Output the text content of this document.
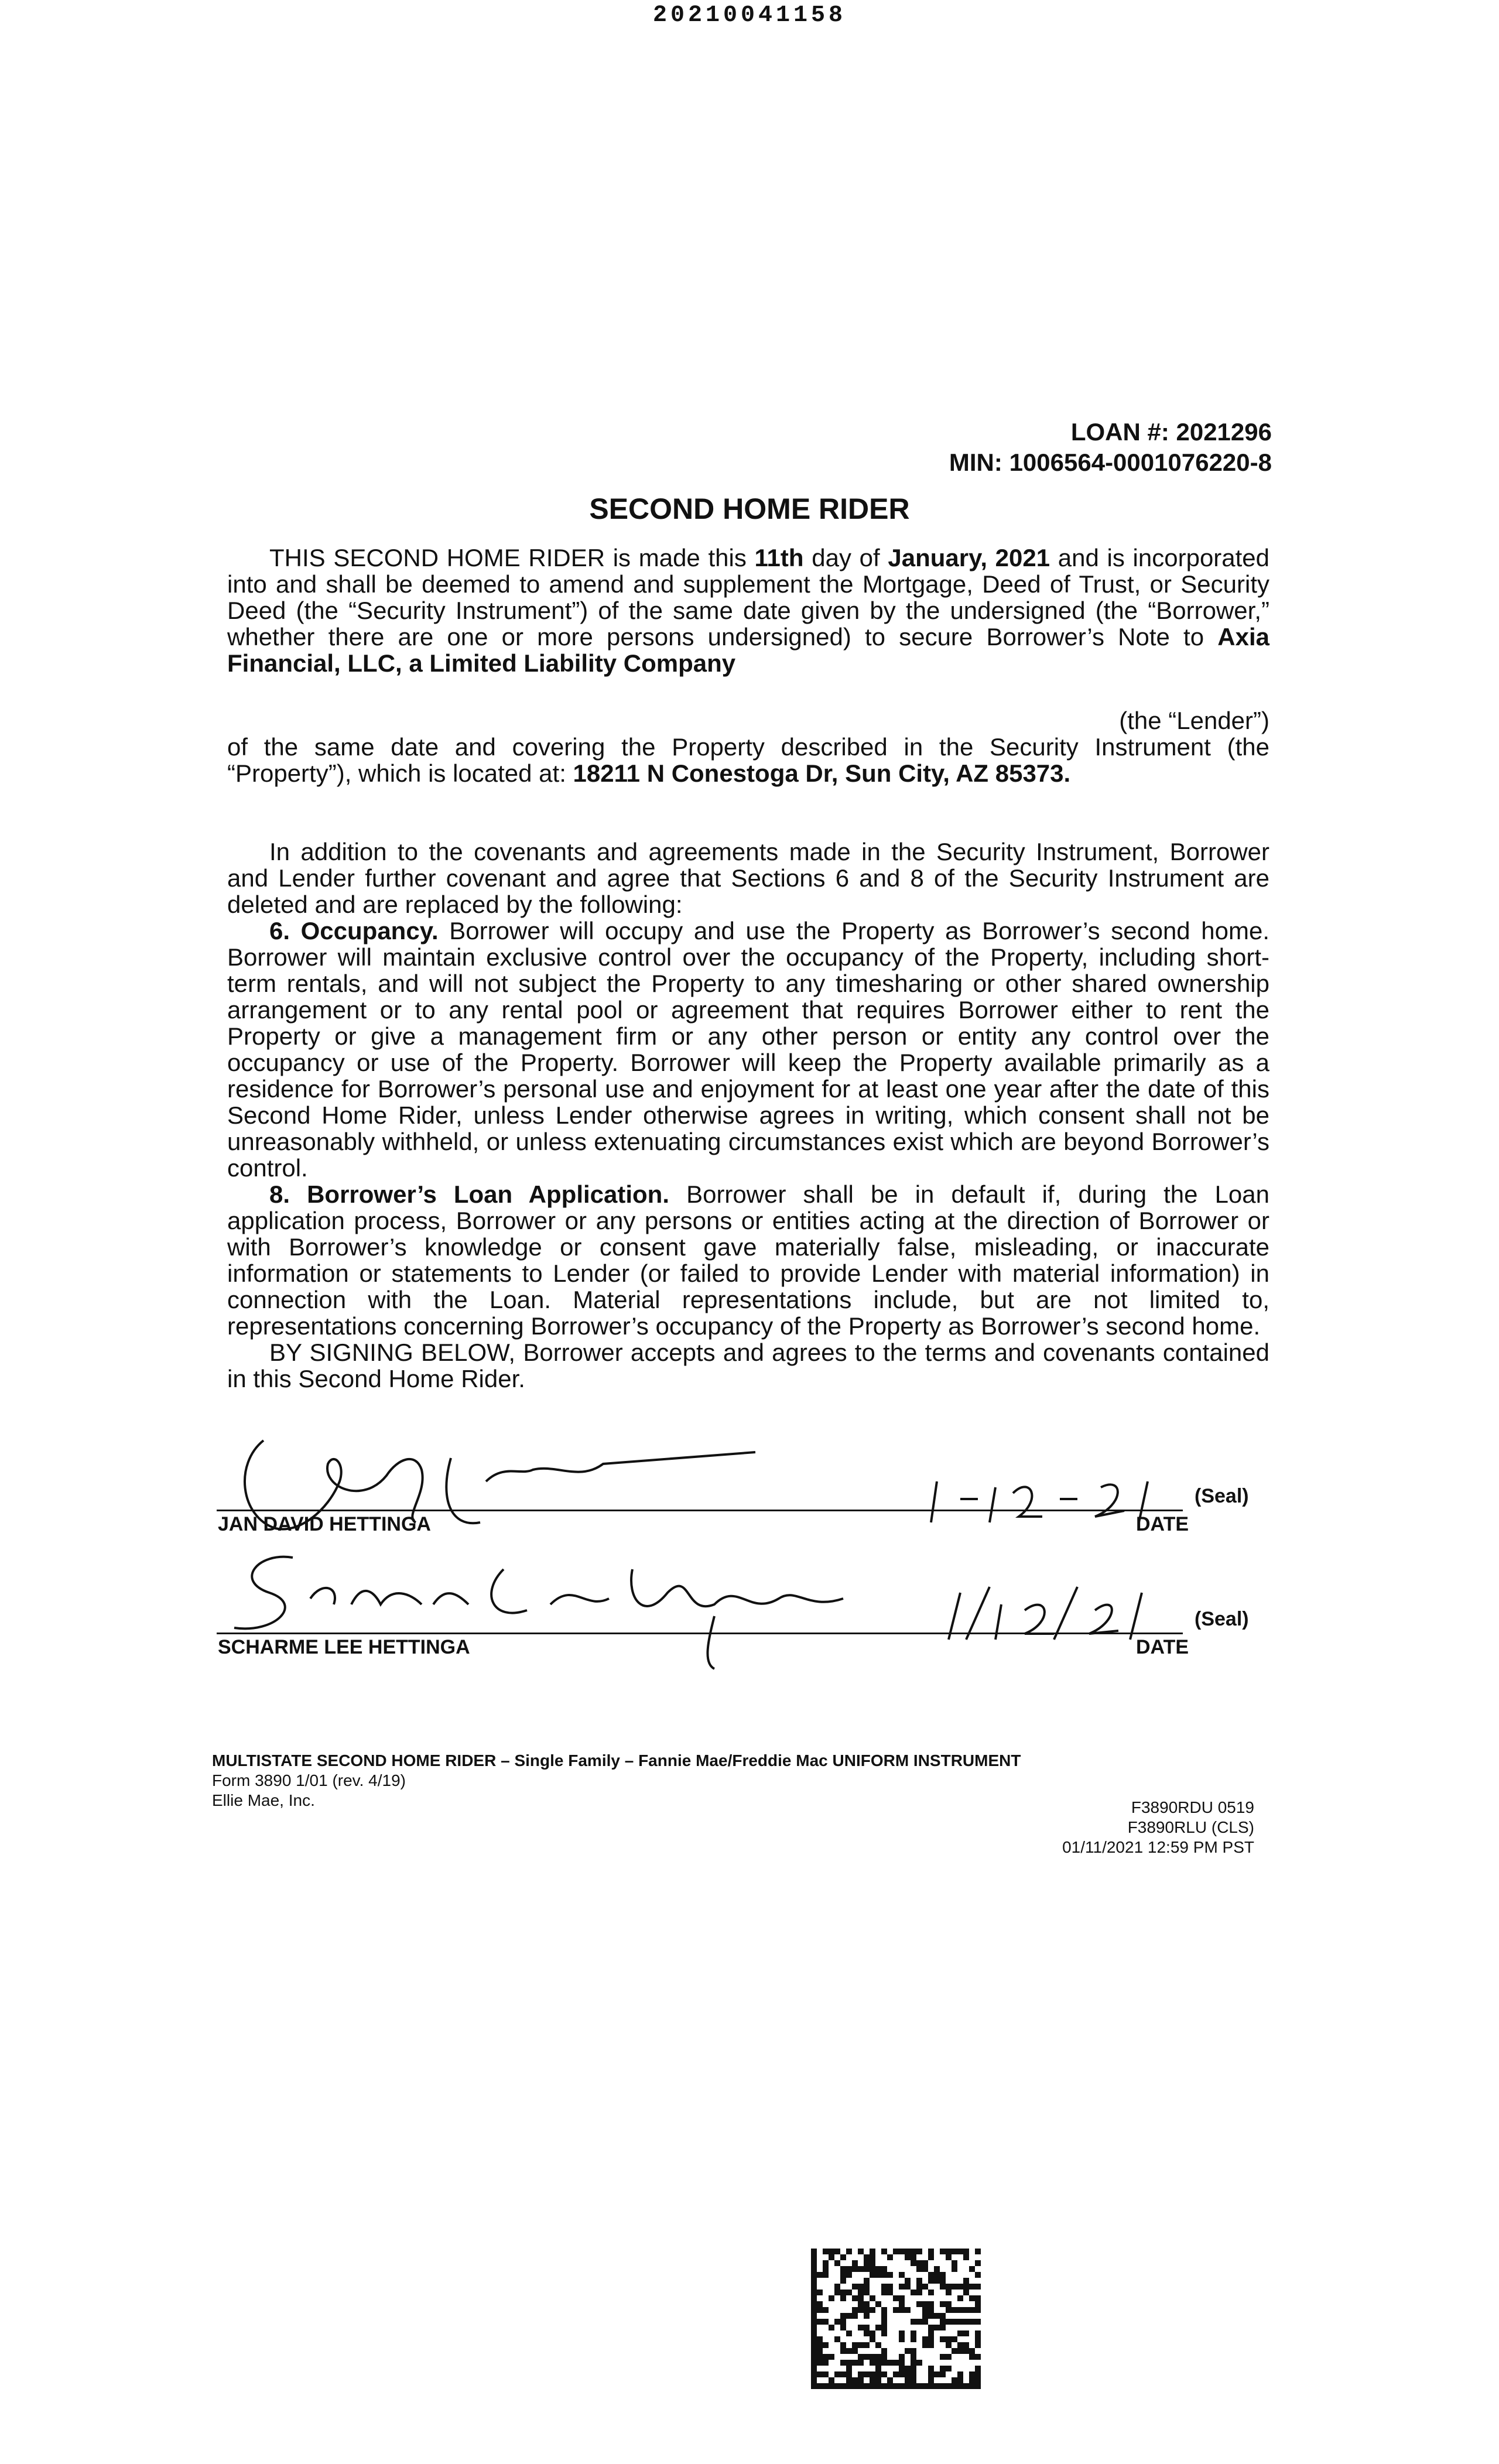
20210041158
LOAN #: 2021296
MIN: 1006564-0001076220-8
SECOND HOME RIDER

THIS SECOND HOME RIDER is made this 11th day of January, 2021 and is incorporated into and shall be deemed to amend and supplement the Mortgage, Deed of Trust, or Security Deed (the “Security Instrument”) of the same date given by the undersigned (the “Borrower,” whether there are one or more persons undersigned) to secure Borrower’s Note to Axia Financial, LLC, a Limited Liability Company

(the “Lender”)

of the same date and covering the Property described in the Security Instrument (the “Property”), which is located at: 18211 N Conestoga Dr, Sun City, AZ 85373.

In addition to the covenants and agreements made in the Security Instrument, Borrower and Lender further covenant and agree that Sections 6 and 8 of the Security Instrument are deleted and are replaced by the following:

6. Occupancy. Borrower will occupy and use the Property as Borrower’s second home. Borrower will maintain exclusive control over the occupancy of the Property, including short-term rentals, and will not subject the Property to any timesharing or other shared ownership arrangement or to any rental pool or agreement that requires Borrower either to rent the Property or give a management firm or any other person or entity any control over the occupancy or use of the Property. Borrower will keep the Property available primarily as a residence for Borrower’s personal use and enjoyment for at least one year after the date of this Second Home Rider, unless Lender otherwise agrees in writing, which consent shall not be unreasonably withheld, or unless extenuating circumstances exist which are beyond Borrower’s control.

8. Borrower’s Loan Application. Borrower shall be in default if, during the Loan application process, Borrower or any persons or entities acting at the direction of Borrower or with Borrower’s knowledge or consent gave materially false, misleading, or inaccurate information or statements to Lender (or failed to provide Lender with material information) in connection with the Loan. Material representations include, but are not limited to, representations concerning Borrower’s occupancy of the Property as Borrower’s second home.

BY SIGNING BELOW, Borrower accepts and agrees to the terms and covenants contained in this Second Home Rider.

JAN DAVID HETTINGA	DATE
(Seal)
SCHARME LEE HETTINGA	DATE
(Seal)
MULTISTATE SECOND HOME RIDER – Single Family – Fannie Mae/Freddie Mac UNIFORM INSTRUMENT
Form 3890 1/01 (rev. 4/19)
Ellie Mae, Inc.	F3890RDU 0519
F3890RLU (CLS)
01/11/2021 12:59 PM PST
